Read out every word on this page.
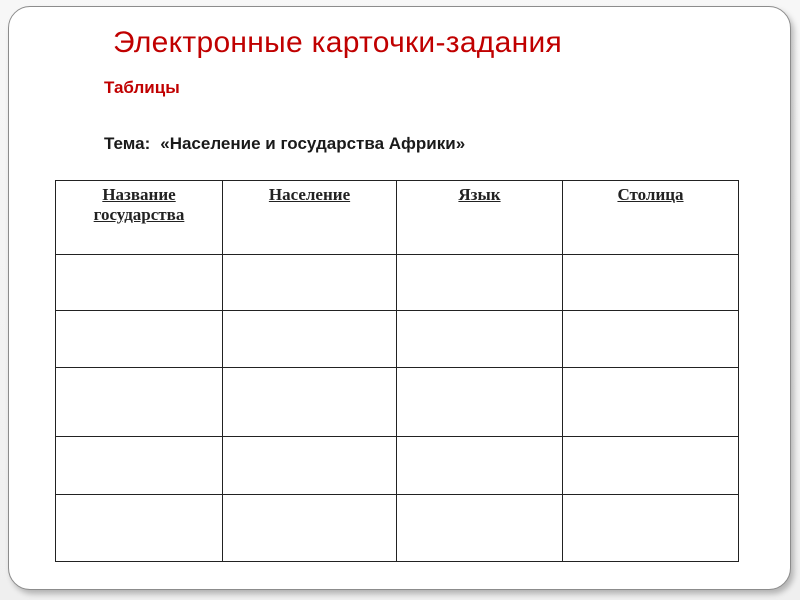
Электронные карточки-задания
Таблицы
Тема: «Население и государства Африки»
Название государства	Население	Язык	Столица
